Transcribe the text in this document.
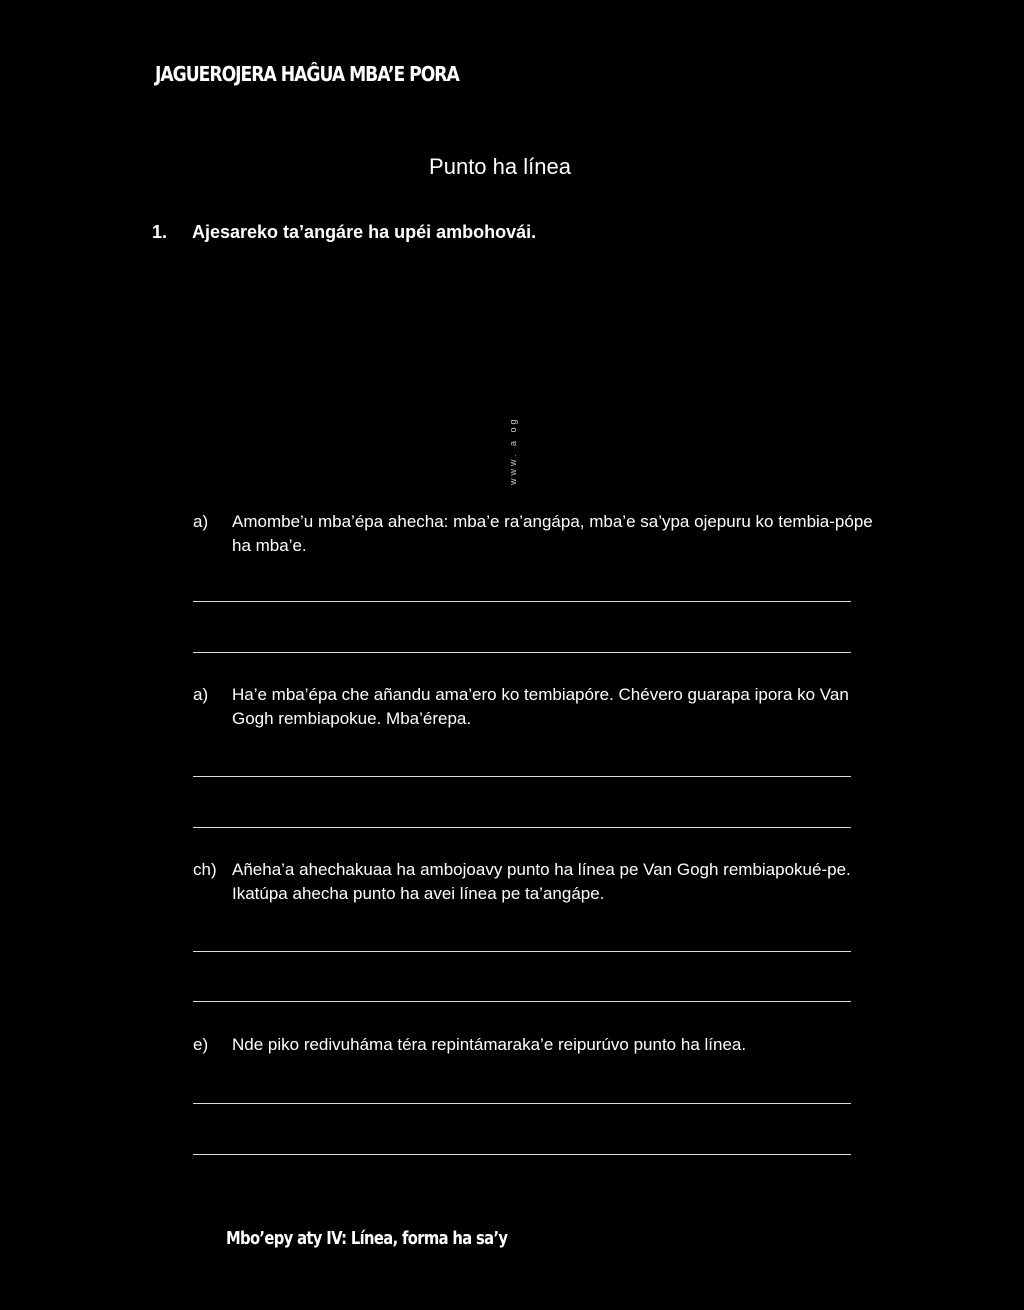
JAGUEROJERA HAĜUA MBA’E PORA
Punto ha línea
1. Ajesareko ta’angáre ha upéi ambohovái.
www. a og
a) Amombe’u mba’épa ahecha: mba’e ra’angápa, mba’e sa’ypa ojepuru ko tembia-pópe ha mba’e.
a) Ha’e mba’épa che añandu ama’ero ko tembiapóre. Chévero guarapa ipora ko Van Gogh rembiapokue. Mba’érepa.
ch) Añeha’a ahechakuaa ha ambojoavy punto ha línea pe Van Gogh rembiapokué-pe. Ikatúpa ahecha punto ha avei línea pe ta’angápe.
e) Nde piko redivuháma téra repintámaraka’e reipurúvo punto ha línea.
Mbo’epy aty IV: Línea, forma ha sa’y
